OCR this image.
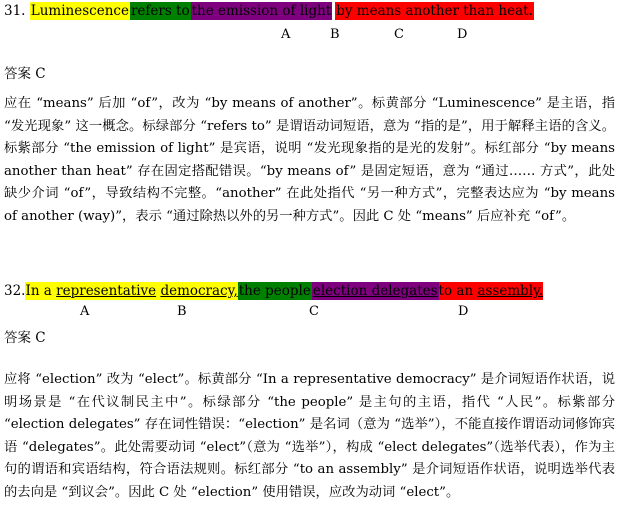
31. Luminescence refers to the emission of light by means another than heat.
A	B	C	D
答案 C
应在 “means” 后加 “of”，改为 “by means of another”。标黄部分 “Luminescence” 是主语，指 “发光现象” 这一概念。标绿部分 “refers to” 是谓语动词短语，意为 “指的是”，用于解释主语的含义。标紫部分 “the emission of light” 是宾语，说明 “发光现象指的是光的发射”。标红部分 “by means another than heat” 存在固定搭配错误。“by means of” 是固定短语，意为 “通过…… 方式”，此处缺少介词 “of”，导致结构不完整。“another” 在此处指代 “另一种方式”，完整表达应为 “by means of another (way)”，表示 “通过除热以外的另一种方式”。因此 C 处 “means” 后应补充 “of”。
32.In a representative democracy,the people election delegatesto an assembly.
A	B	C	D
答案 C
应将 “election” 改为 “elect”。标黄部分 “In a representative democracy” 是介词短语作状语，说明场景是 “在代议制民主中”。标绿部分 “the people” 是主句的主语，指代 “人民”。标紫部分 “election delegates” 存在词性错误：“election” 是名词（意为 “选举”），不能直接作谓语动词修饰宾语 “delegates”。此处需要动词 “elect”（意为 “选举”），构成 “elect delegates”（选举代表），作为主句的谓语和宾语结构，符合语法规则。标红部分 “to an assembly” 是介词短语作状语，说明选举代表的去向是 “到议会”。因此 C 处 “election” 使用错误，应改为动词 “elect”。
